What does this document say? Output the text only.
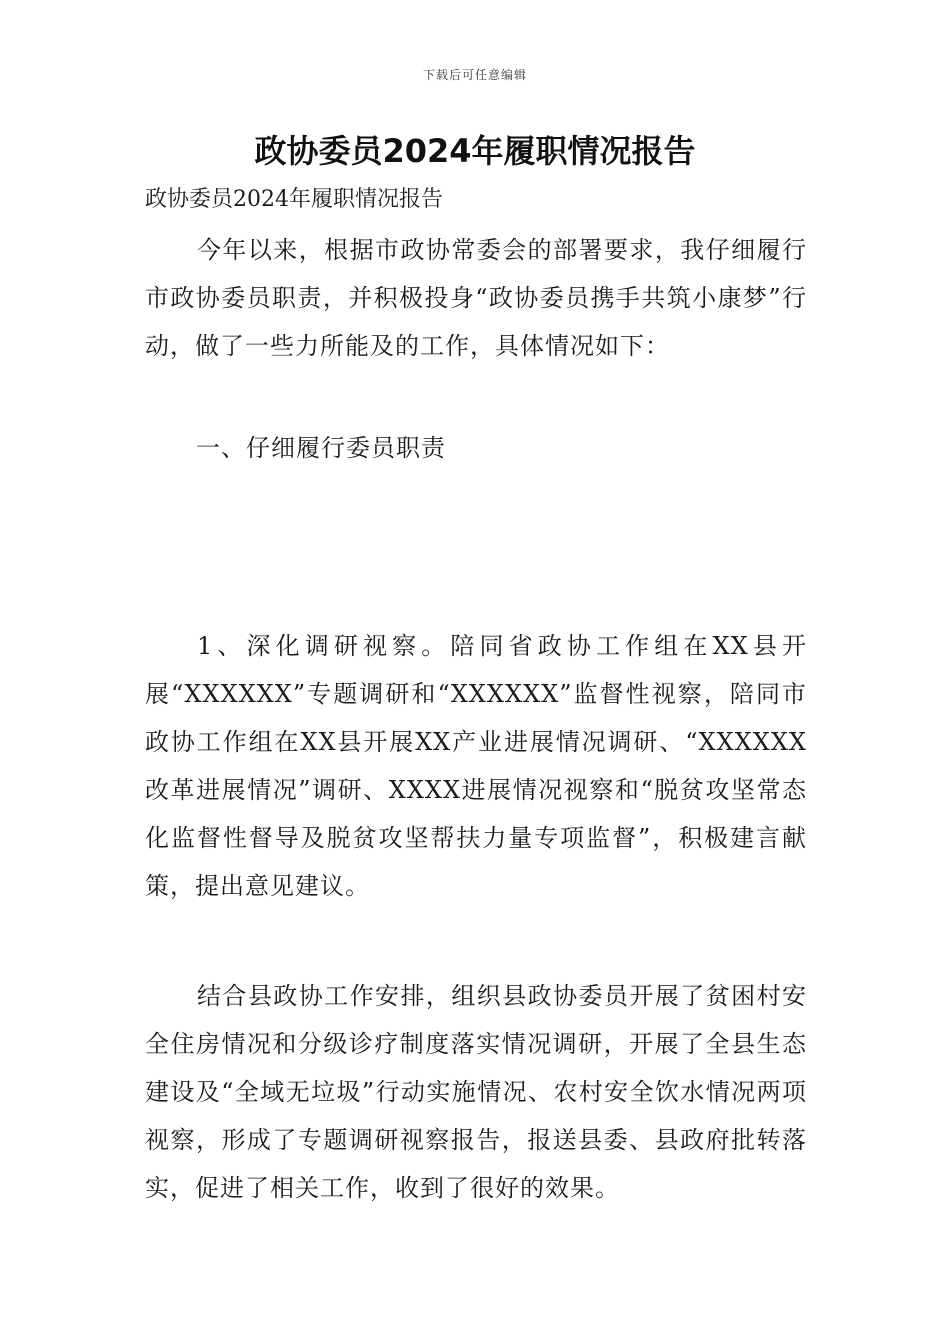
下载后可任意编辑
政协委员2024年履职情况报告
政协委员2024年履职情况报告

今年以来，根据市政协常委会的部署要求，我仔细履行市政协委员职责，并积极投身“政协委员携手共筑小康梦”行动，做了一些力所能及的工作，具体情况如下：

一、仔细履行委员职责

1、深化调研视察。陪同省政协工作组在XX县开展“XXXXXX”专题调研和“XXXXXX”监督性视察，陪同市政协工作组在XX县开展XX产业进展情况调研、“XXXXXX改革进展情况”调研、XXXX进展情况视察和“脱贫攻坚常态化监督性督导及脱贫攻坚帮扶力量专项监督”，积极建言献策，提出意见建议。

结合县政协工作安排，组织县政协委员开展了贫困村安全住房情况和分级诊疗制度落实情况调研，开展了全县生态建设及“全域无垃圾”行动实施情况、农村安全饮水情况两项视察，形成了专题调研视察报告，报送县委、县政府批转落实，促进了相关工作，收到了很好的效果。
